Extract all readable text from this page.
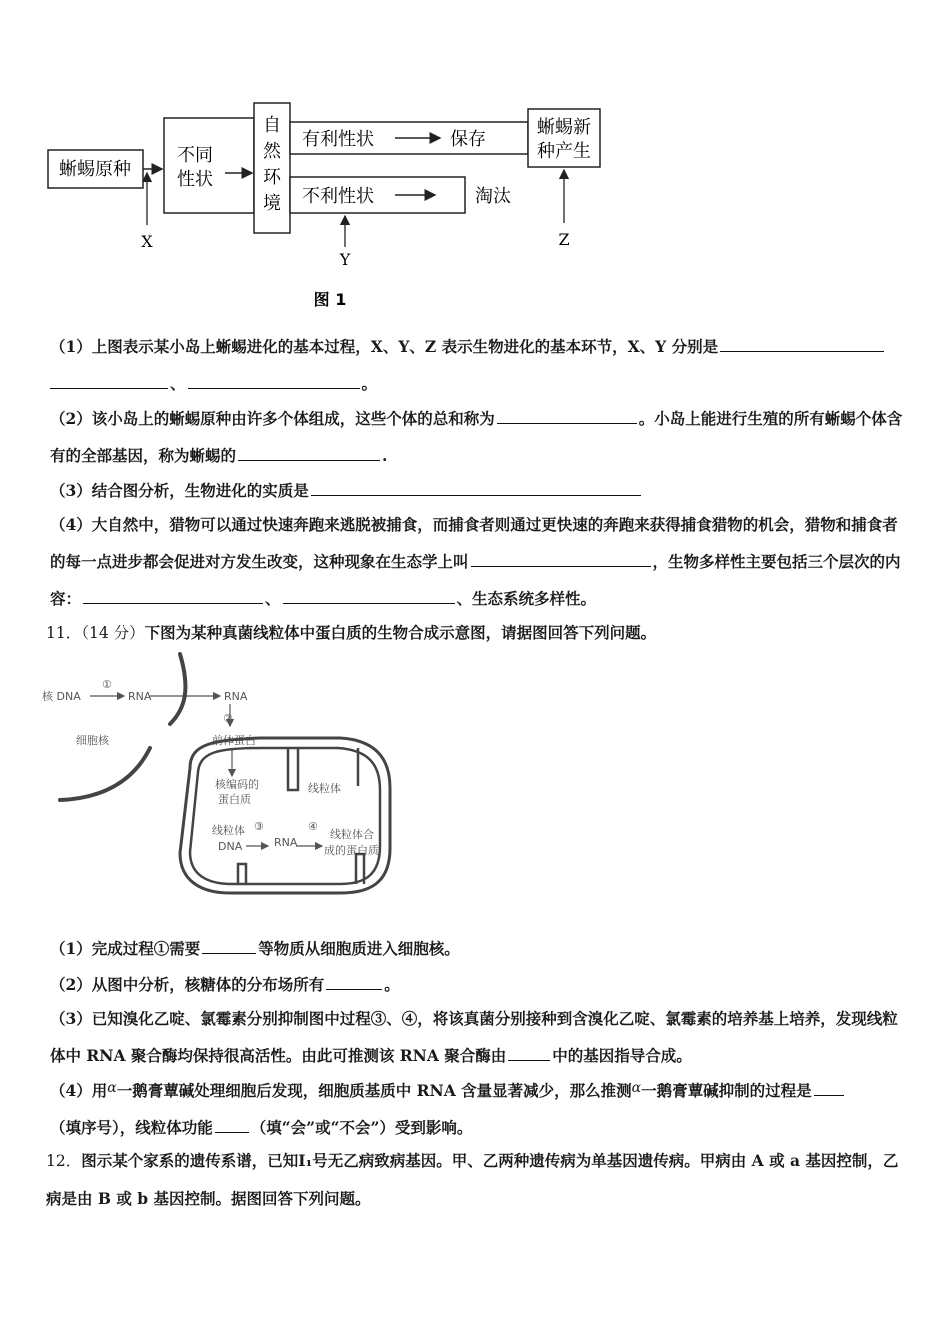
蜥蜴原种
不同
性状
自
然
环
境
有利性状	保存
不利性状	淘汰
蜥蜴新
种产生
X
Y
Z
图 1
（1）上图表示某小岛上蜥蜴进化的基本过程，X、Y、Z 表示生物进化的基本环节，X、Y 分别是
、	。
（2）该小岛上的蜥蜴原种由许多个体组成，这些个体的总和称为	。小岛上能进行生殖的所有蜥蜴个体含有的全部基因，称为蜥蜴的	.
（3）结合图分析，生物进化的实质是
（4）大自然中，猎物可以通过快速奔跑来逃脱被捕食，而捕食者则通过更快速的奔跑来获得捕食猎物的机会，猎物和捕食者的每一点进步都会促进对方发生改变，这种现象在生态学上叫	，生物多样性主要包括三个层次的内容：	、	、生态系统多样性。
11．（14 分）下图为某种真菌线粒体中蛋白质的生物合成示意图，请据图回答下列问题。
核 DNA
①
RNA	RNA
②
前体蛋白
细胞核
核编码的
蛋白质
线粒体
线粒体
DNA
③
RNA
④
线粒体合
成的蛋白质
（1）完成过程①需要	等物质从细胞质进入细胞核。
（2）从图中分析，核糖体的分布场所有	。
（3）已知溴化乙啶、氯霉素分别抑制图中过程③、④，将该真菌分别接种到含溴化乙啶、氯霉素的培养基上培养，发现线粒体中 RNA 聚合酶均保持很高活性。由此可推测该 RNA 聚合酶由	中的基因指导合成。
（4）用α一鹅膏蕈碱处理细胞后发现，细胞质基质中 RNA 含量显著减少，那么推测α一鹅膏蕈碱抑制的过程是
（填序号），线粒体功能 （填“会”或“不会”）受到影响。
12．图示某个家系的遗传系谱，已知Ⅰ₁号无乙病致病基因。甲、乙两种遗传病为单基因遗传病。甲病由 A 或 a 基因控制，乙病是由 B 或 b 基因控制。据图回答下列问题。
